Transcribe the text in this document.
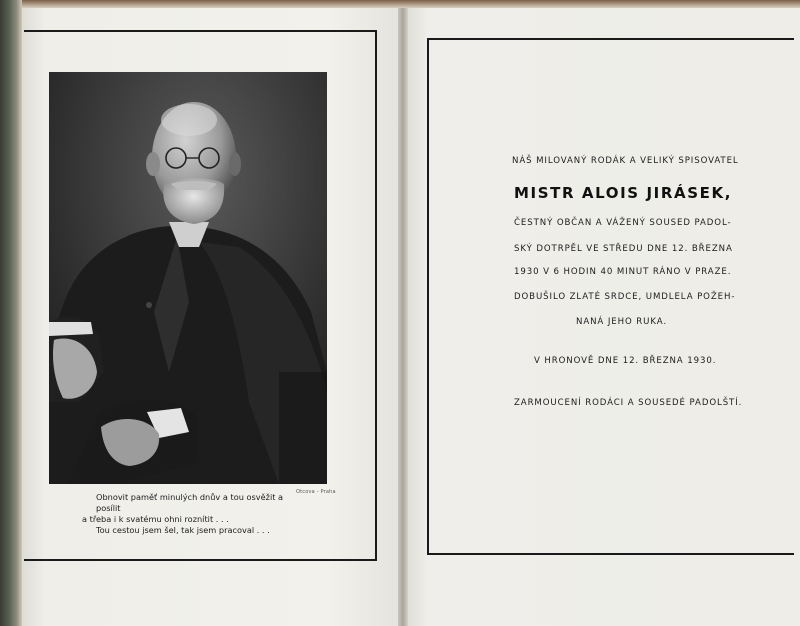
Otcova - Praha
Obnovit paměť minulých dnův a tou osvěžit a posílit
a třeba i k svatému ohni roznítit . . .
Tou cestou jsem šel, tak jsem pracoval . . .
NÁŠ MILOVANÝ RODÁK A VELIKÝ SPISOVATEL
MISTR ALOIS JIRÁSEK,
ČESTNÝ OBČAN A VÁŽENÝ SOUSED PADOL-
SKÝ DOTRPĚL VE STŘEDU DNE 12. BŘEZNA
1930 V 6 HODIN 40 MINUT RÁNO V PRAZE.
DOBUŠILO ZLATÉ SRDCE, UMDLELA POŽEH-
NANÁ JEHO RUKA.
V HRONOVĚ DNE 12. BŘEZNA 1930.
ZARMOUCENÍ RODÁCI A SOUSEDÉ PADOLŠTÍ.
